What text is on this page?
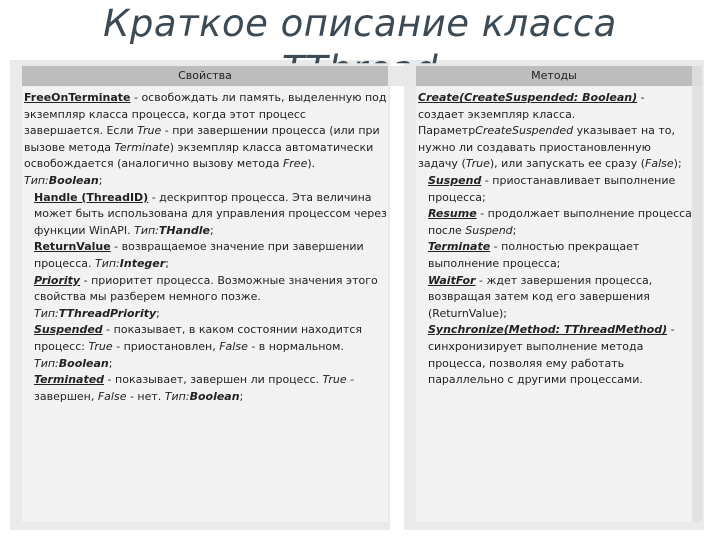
Краткое описание класса
Свойства	Методы

FreeOnTerminate - освобождать ли память, выделенную под экземпляр класса процесса, когда этот процесс завершается. Если True - при завершении процесса (или при вызове метода Terminate) экземпляр класса автоматически освобождается (аналогично вызову метода Free). Тип:Boolean;

Handle (ThreadID) - дескриптор процесса. Эта величина может быть использована для управления процессом через функции WinAPI. Тип:THandle;

ReturnValue - возвращаемое значение при завершении процесса. Тип:Integer;

Priority - приоритет процесса. Возможные значения этого свойства мы разберем немного позже. Тип:TThreadPriority;

Suspended - показывает, в каком состоянии находится процесс: True - приостановлен, False - в нормальном. Тип:Boolean;

Terminated - показывает, завершен ли процесс. True - завершен, False - нет. Тип:Boolean;

Create(CreateSuspended: Boolean) - создает экземпляр класса. ПараметрCreateSuspended указывает на то, нужно ли создавать приостановленную задачу (True), или запускать ее сразу (False);

Suspend - приостанавливает выполнение процесса;

Resume - продолжает выполнение процесса после Suspend;

Terminate - полностью прекращает выполнение процесса;

WaitFor - ждет завершения процесса, возвращая затем код его завершения (ReturnValue);

Synchronize(Method: TThreadMethod) - синхронизирует выполнение метода процесса, позволяя ему работать параллельно с другими процессами.
